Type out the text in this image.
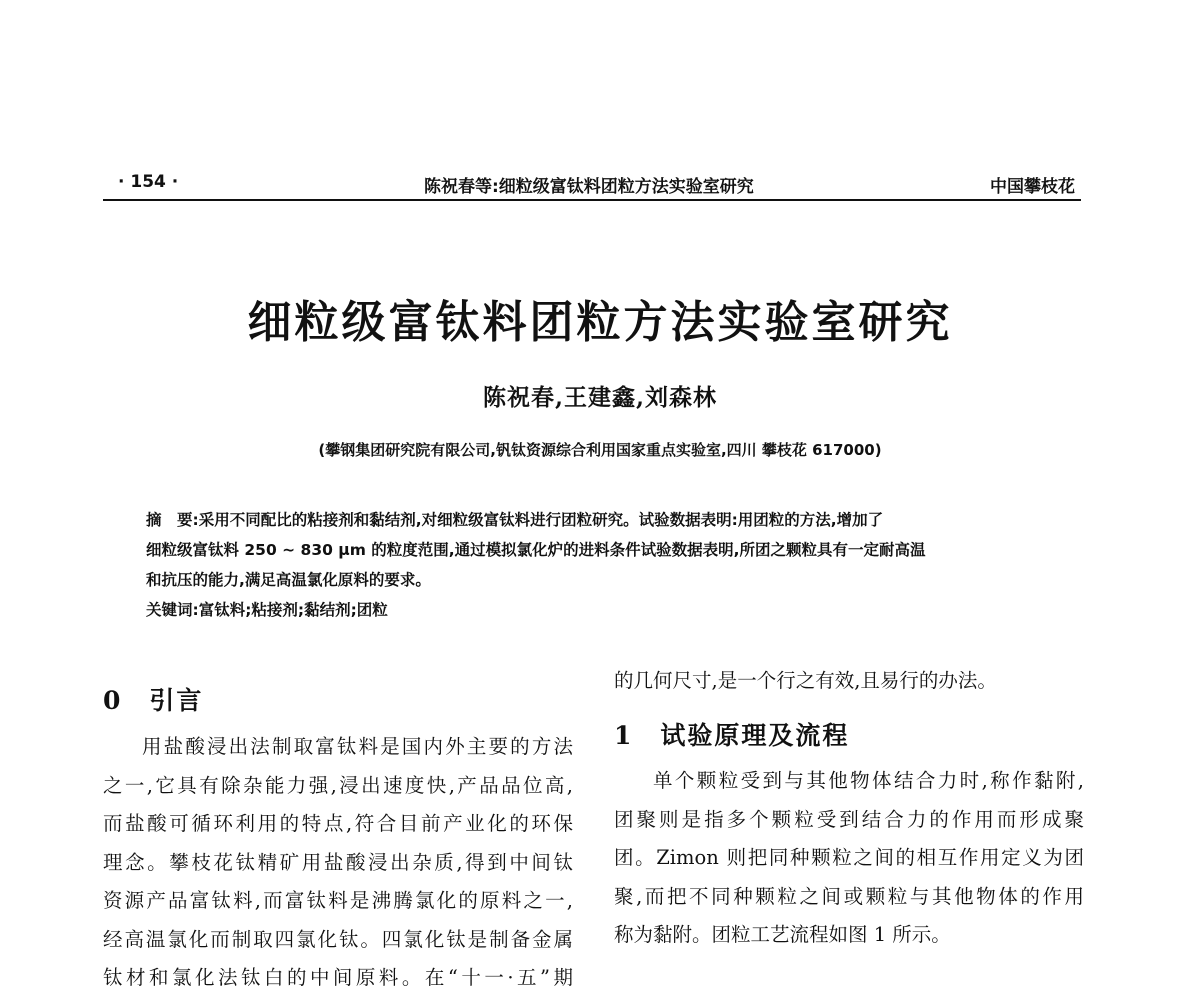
· 154 ·	陈祝春等:细粒级富钛料团粒方法实验室研究	中国攀枝花
细粒级富钛料团粒方法实验室研究
陈祝春,王建鑫,刘森林
(攀钢集团研究院有限公司,钒钛资源综合利用国家重点实验室,四川 攀枝花 617000)

摘　要:采用不同配比的粘接剂和黏结剂,对细粒级富钛料进行团粒研究。试验数据表明:用团粒的方法,增加了

细粒级富钛料 250 ~ 830 μm 的粒度范围,通过模拟氯化炉的进料条件试验数据表明,所团之颗粒具有一定耐高温

和抗压的能力,满足高温氯化原料的要求。

关键词:富钛料;粘接剂;黏结剂;团粒

0　引言

用盐酸浸出法制取富钛料是国内外主要的方法

之一,它具有除杂能力强,浸出速度快,产品品位高,

而盐酸可循环利用的特点,符合目前产业化的环保

理念。攀枝花钛精矿用盐酸浸出杂质,得到中间钛

资源产品富钛料,而富钛料是沸腾氯化的原料之一,

经高温氯化而制取四氯化钛。四氯化钛是制备金属

钛材和氯化法钛白的中间原料。在“十一·五”期

的几何尺寸,是一个行之有效,且易行的办法。

1　试验原理及流程

单个颗粒受到与其他物体结合力时,称作黏附,

团聚则是指多个颗粒受到结合力的作用而形成聚

团。Zimon 则把同种颗粒之间的相互作用定义为团

聚,而把不同种颗粒之间或颗粒与其他物体的作用

称为黏附。团粒工艺流程如图 1 所示。
